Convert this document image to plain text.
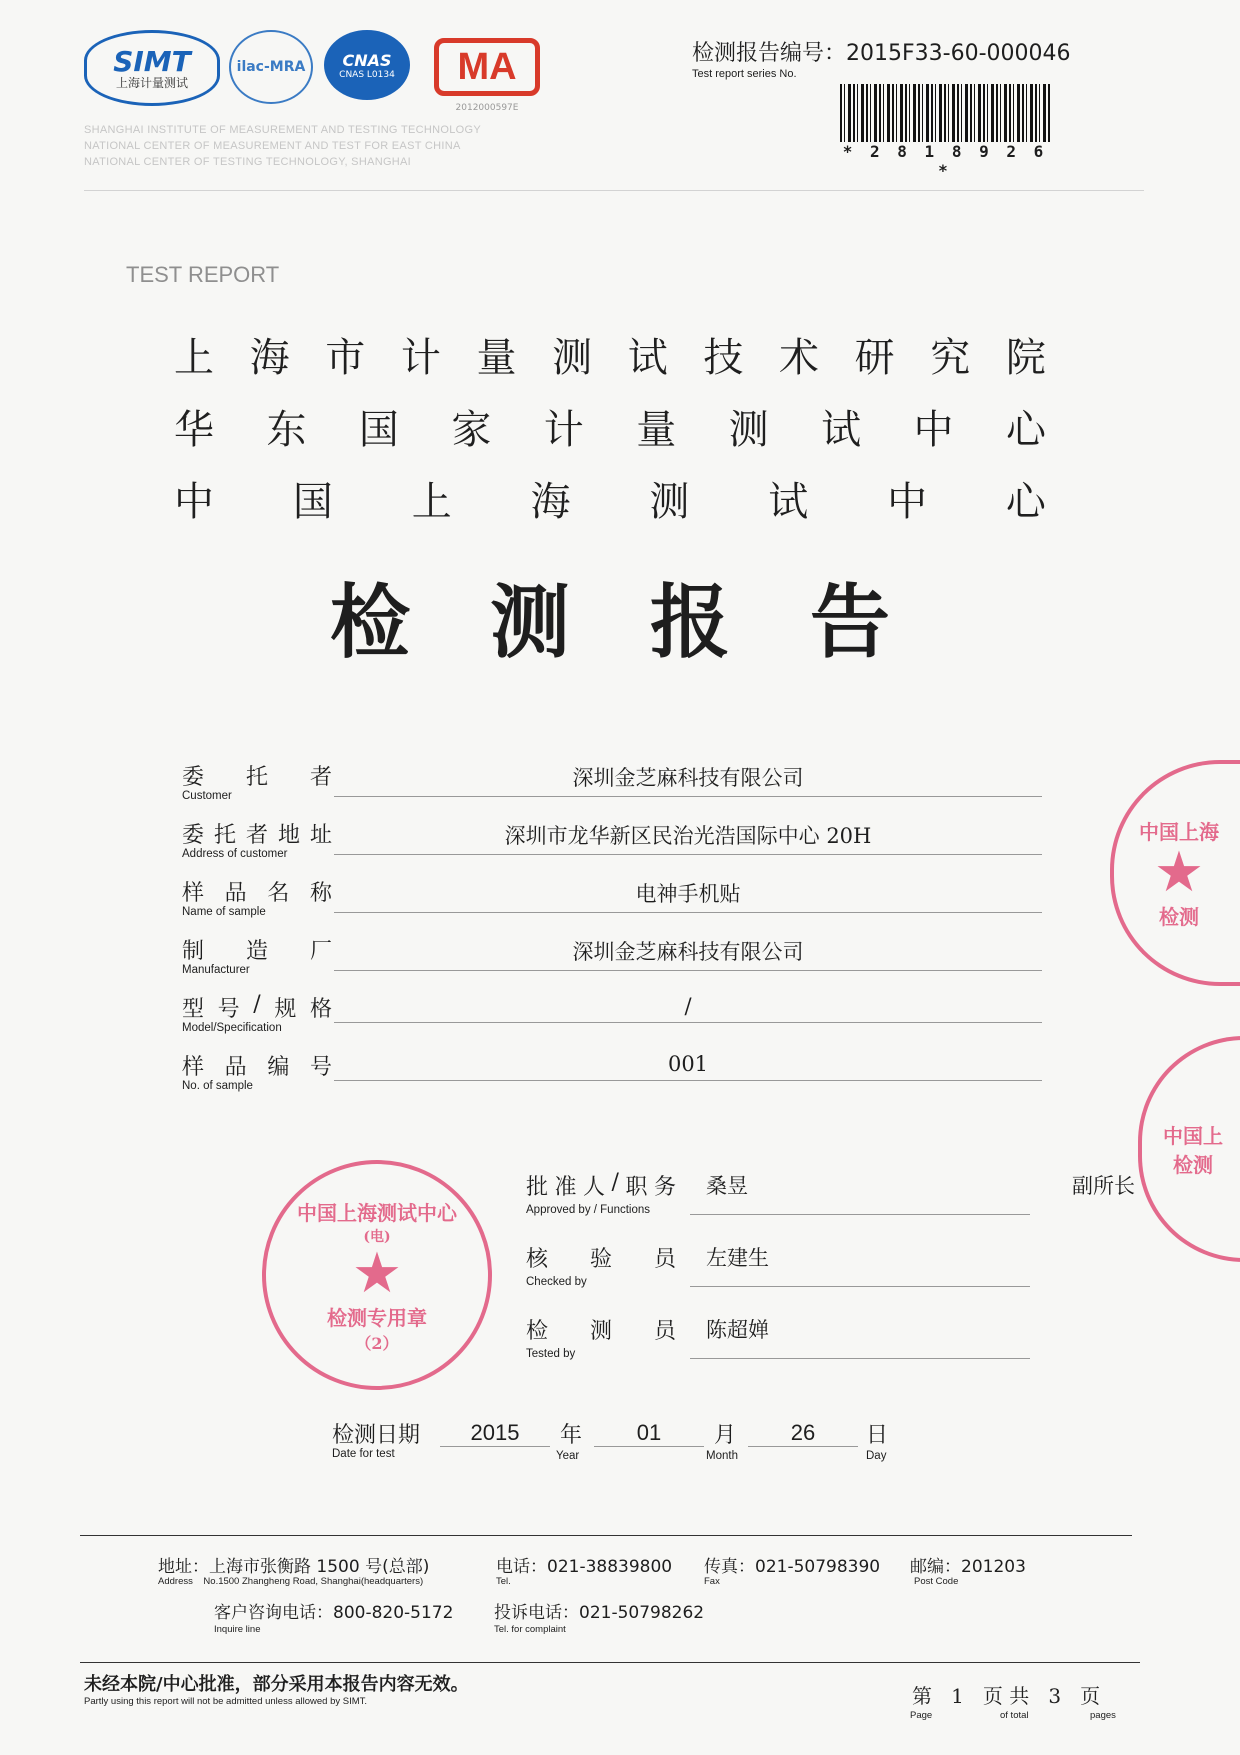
SIMT
上海计量测试
ilac-MRA	CNAS
CNAS L0134 MA
2012000597E
SHANGHAI INSTITUTE OF MEASUREMENT AND TESTING TECHNOLOGY
NATIONAL CENTER OF MEASUREMENT AND TEST FOR EAST CHINA
NATIONAL CENTER OF TESTING TECHNOLOGY, SHANGHAI
检测报告编号：2015F33-60-000046
Test report series No.
* 2 8 1 8 9 2 6 *
TEST REPORT
上 海 市 计 量 测 试 技 术 研 究 院
华 东 国 家 计 量 测 试 中 心
中 国 上 海 测 试 中 心
检 测 报 告
委 托 者
Customer
深圳金芝麻科技有限公司
委 托 者 地 址
Address of customer
深圳市龙华新区民治光浩国际中心 20H
样 品 名 称
Name of sample
电神手机贴
制 造 厂
Manufacturer
深圳金芝麻科技有限公司
型 号 / 规 格
Model/Specification
/
样 品 编 号
No. of sample
001
中国上海测试中心
(电)
★
检测专用章
（2）
中国上海
★
检测
中国上
检测
批 准 人 / 职 务
Approved by / Functions
桑昱	副所长
核 验 员
Checked by
左建生
检 测 员
Tested by
陈超婵
检测日期
Date for test
2015	年
Year
01	月
Month
26	日
Day
地址：上海市张衡路 1500 号(总部)
Address No.1500 Zhangheng Road, Shanghai(headquarters)
电话：021-38839800
Tel.
传真：021-50798390
Fax
邮编：201203
Post Code
客户咨询电话：800-820-5172
Inquire line
投诉电话：021-50798262
Tel. for complaint
未经本院/中心批准，部分采用本报告内容无效。
Partly using this report will not be admitted unless allowed by SIMT.	第 1 页 共 3 页
Page	of total	pages
